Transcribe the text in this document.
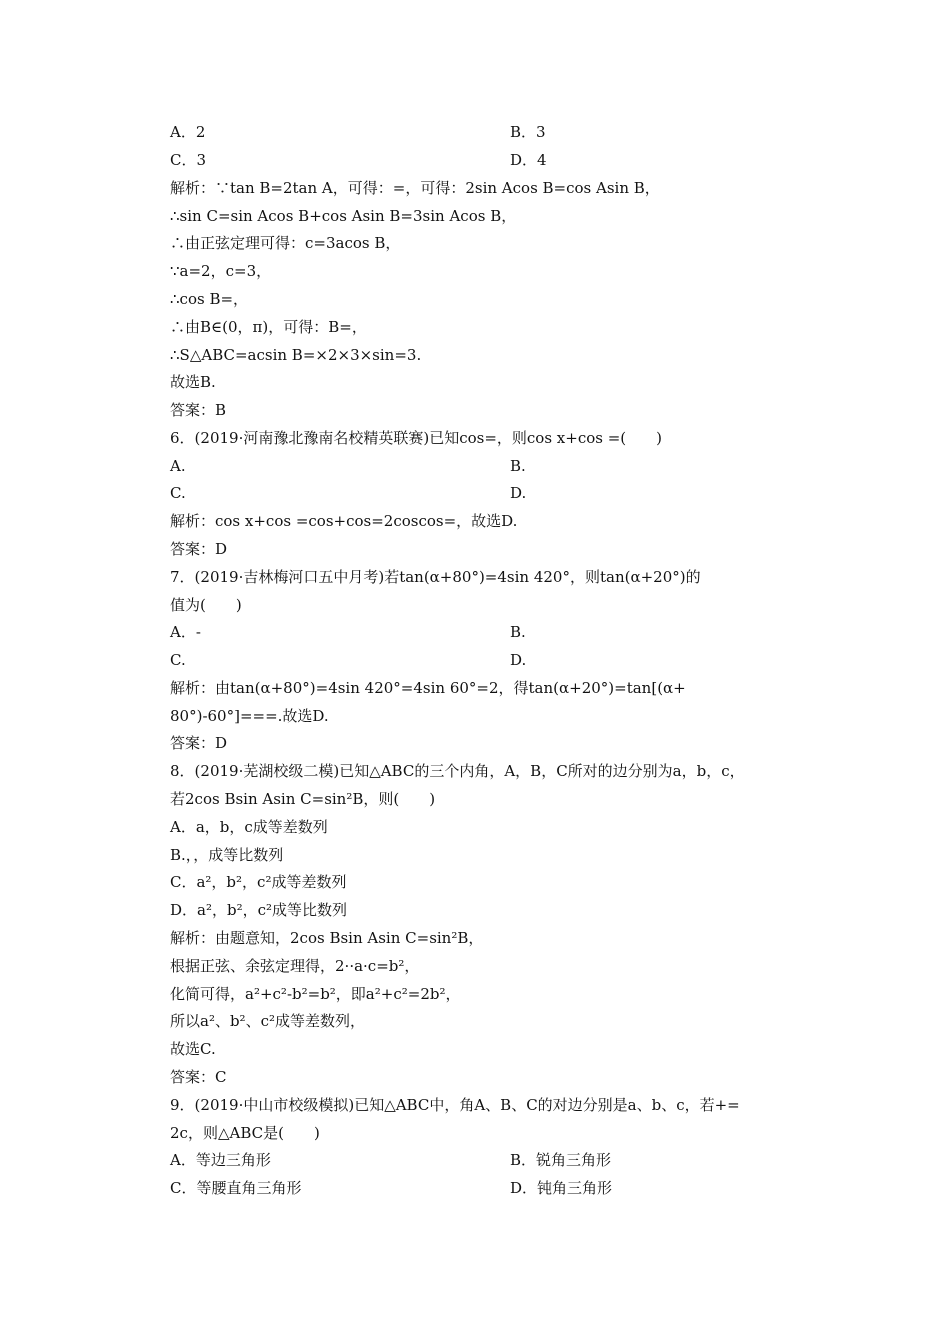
A．2	B．3
C．3	D．4
解析：∵tan B=2tan A，可得：=，可得：2sin Acos B=cos Asin B，
∴sin C=sin Acos B+cos Asin B=3sin Acos B，
∴由正弦定理可得：c=3acos B，
∵a=2，c=3，
∴cos B=，
∴由B∈(0，π)，可得：B=，
∴S△ABC=acsin B=×2×3×sin=3.
故选B.
答案：B
6．(2019·河南豫北豫南名校精英联赛)已知cos=，则cos x+cos =(　　)
A.	B.
C.	D.
解析：cos x+cos =cos+cos=2coscos=，故选D.
答案：D
7．(2019·吉林梅河口五中月考)若tan(α+80°)=4sin 420°，则tan(α+20°)的
值为(　　)
A．-	B.
C.	D.
解析：由tan(α+80°)=4sin 420°=4sin 60°=2，得tan(α+20°)=tan[(α+
80°)-60°]===.故选D.
答案：D
8．(2019·芜湖校级二模)已知△ABC的三个内角，A，B，C所对的边分别为a，b，c，
若2cos Bsin Asin C=sin²B，则(　　)
A．a，b，c成等差数列
B.，，成等比数列
C．a²，b²，c²成等差数列
D．a²，b²，c²成等比数列
解析：由题意知，2cos Bsin Asin C=sin²B，
根据正弦、余弦定理得，2··a·c=b²，
化简可得，a²+c²-b²=b²，即a²+c²=2b²，
所以a²、b²、c²成等差数列，
故选C.
答案：C
9．(2019·中山市校级模拟)已知△ABC中，角A、B、C的对边分别是a、b、c，若+=
2c，则△ABC是(　　)
A．等边三角形	B．锐角三角形
C．等腰直角三角形	D．钝角三角形
